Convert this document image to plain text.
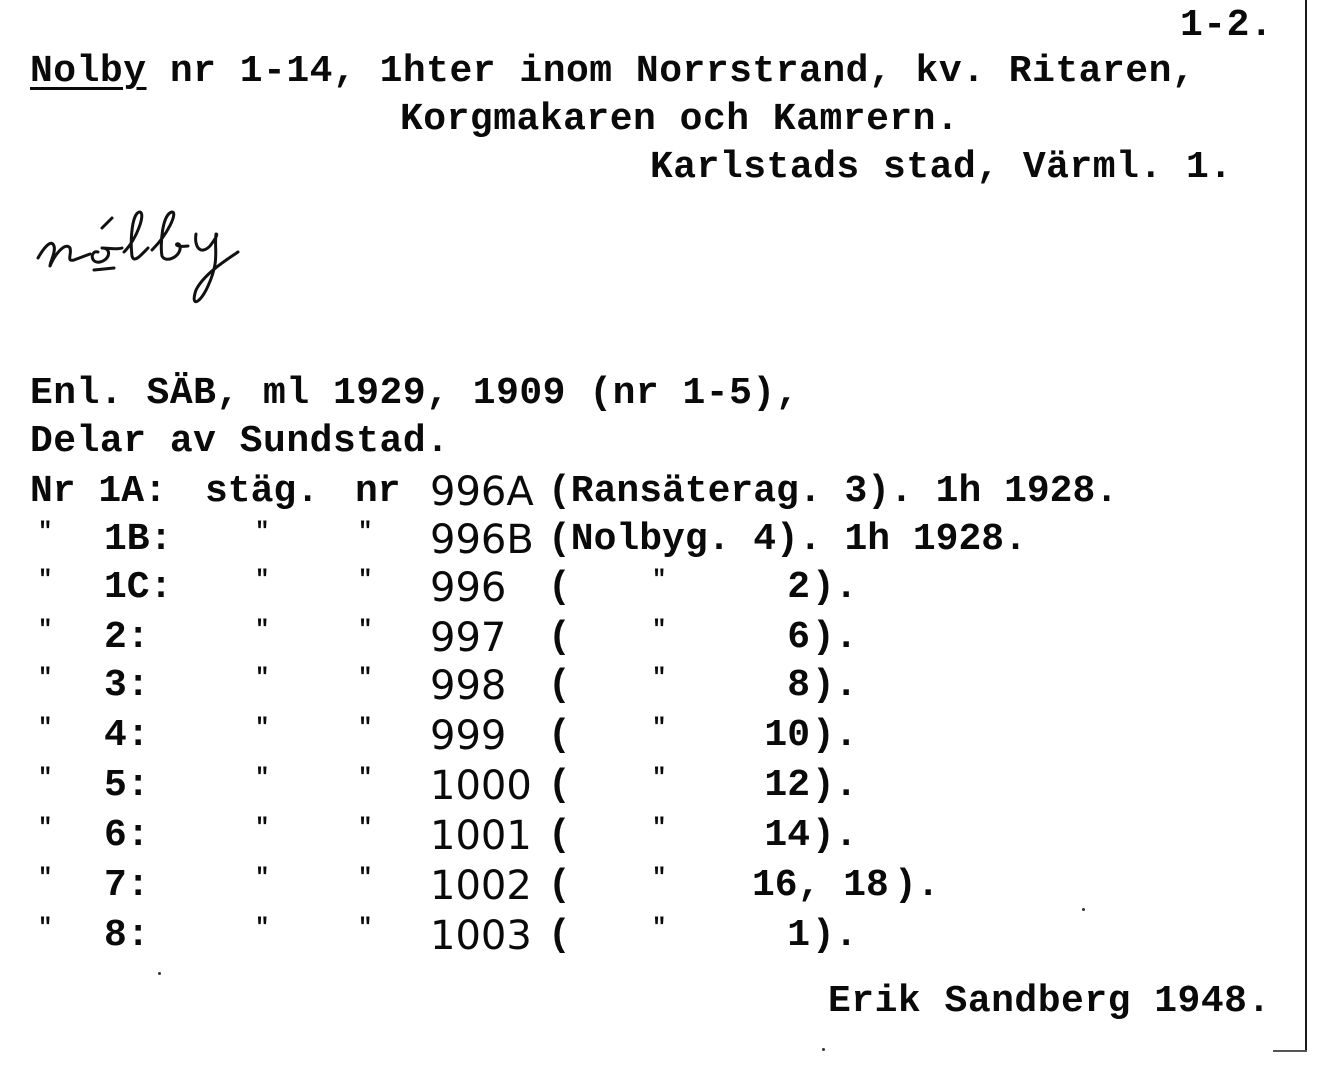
1-2.
Nolby nr 1-14, 1hter inom Norrstrand, kv. Ritaren,
Korgmakaren och Kamrern.
Karlstads stad, Värml. 1.
Enl. SÄB, ml 1929, 1909 (nr 1-5),
Delar av Sundstad.
Nr 1A: stäg. nr 996A (Ransäterag. 3). 1h 1928.
" 1B:	"	" 996B (Nolbyg. 4). 1h 1928.
" 1C:	"	" 996 (	"	2 ).
" 2:	"	" 997 (	"	6 ).
" 3:	"	" 998 (	"	8 ).
" 4:	"	" 999 (	"	10 ).
" 5:	"	" 1000 (	"	12 ).
" 6:	"	" 1001 (	"	14 ).
" 7:	"	" 1002 (	" 16, 18 ).
" 8:	"	" 1003 (	"	1 ).
Erik Sandberg 1948.
